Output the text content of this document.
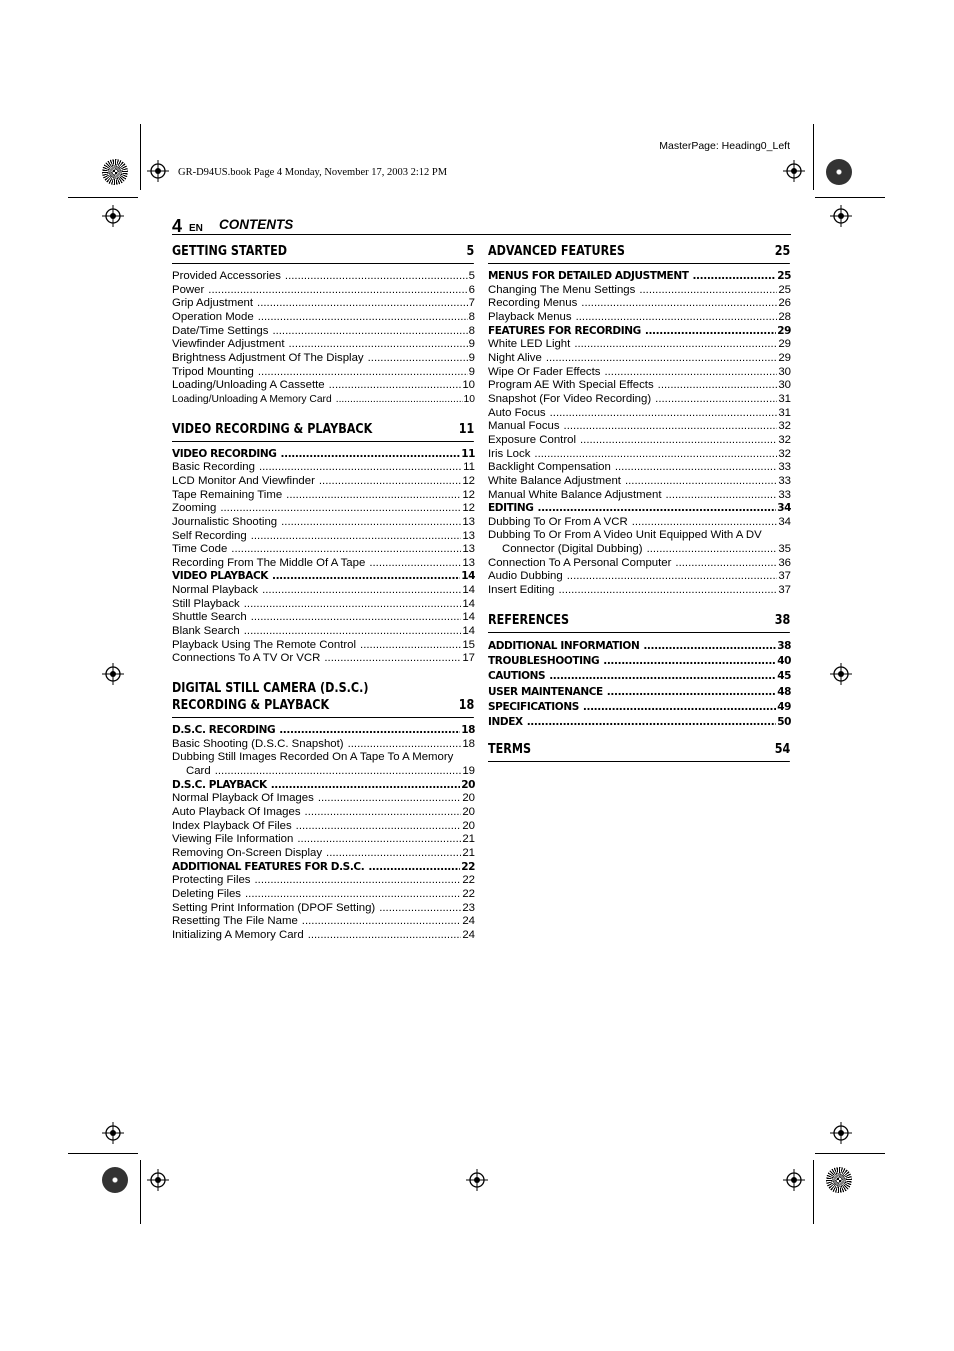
GR-D94US.book Page 4 Monday, November 17, 2003 2:12 PM
MasterPage: Heading0_Left
4 EN CONTENTS
GETTING STARTED	5
Provided Accessories .....	5
Power .....	6
Grip Adjustment .....	7
Operation Mode .....	8
Date/Time Settings .....	8
Viewfinder Adjustment .....	9
Brightness Adjustment Of The Display .....	9
Tripod Mounting .....	9
Loading/Unloading A Cassette .....	10
Loading/Unloading A Memory Card .....	10
VIDEO RECORDING & PLAYBACK	11
VIDEO RECORDING .....	11
Basic Recording .....	11
LCD Monitor And Viewfinder .....	12
Tape Remaining Time .....	12
Zooming .....	12
Journalistic Shooting .....	13
Self Recording .....	13
Time Code .....	13
Recording From The Middle Of A Tape .....	13
VIDEO PLAYBACK .....	14
Normal Playback .....	14
Still Playback .....	14
Shuttle Search .....	14
Blank Search .....	14
Playback Using The Remote Control .....	15
Connections To A TV Or VCR .....	17
DIGITAL STILL CAMERA (D.S.C.) RECORDING & PLAYBACK	18
D.S.C. RECORDING .....	18
Basic Shooting (D.S.C. Snapshot) .....	18
Dubbing Still Images Recorded On A Tape To A Memory
Card .....	19
D.S.C. PLAYBACK .....	20
Normal Playback Of Images .....	20
Auto Playback Of Images .....	20
Index Playback Of Files .....	20
Viewing File Information .....	21
Removing On-Screen Display .....	21
ADDITIONAL FEATURES FOR D.S.C. .....	22
Protecting Files .....	22
Deleting Files .....	22
Setting Print Information (DPOF Setting) .....	23
Resetting The File Name .....	24
Initializing A Memory Card .....	24
ADVANCED FEATURES	25
MENUS FOR DETAILED ADJUSTMENT .....	25
Changing The Menu Settings .....	25
Recording Menus .....	26
Playback Menus .....	28
FEATURES FOR RECORDING .....	29
White LED Light .....	29
Night Alive .....	29
Wipe Or Fader Effects .....	30
Program AE With Special Effects .....	30
Snapshot (For Video Recording) .....	31
Auto Focus .....	31
Manual Focus .....	32
Exposure Control .....	32
Iris Lock .....	32
Backlight Compensation .....	33
White Balance Adjustment .....	33
Manual White Balance Adjustment .....	33
EDITING .....	34
Dubbing To Or From A VCR .....	34
Dubbing To Or From A Video Unit Equipped With A DV
Connector (Digital Dubbing) .....	35
Connection To A Personal Computer .....	36
Audio Dubbing .....	37
Insert Editing .....	37
REFERENCES	38
ADDITIONAL INFORMATION .....	38
TROUBLESHOOTING .....	40
CAUTIONS .....	45
USER MAINTENANCE .....	48
SPECIFICATIONS .....	49
INDEX .....	50
TERMS	54
